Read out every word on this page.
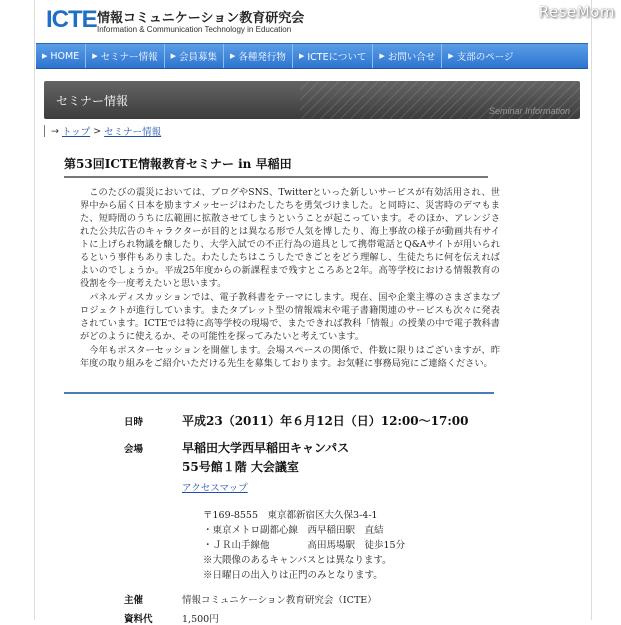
ReseMom
ICTE 情報コミュニケーション教育研究会
Information & Communication Technology in Education
▶ HOME ▶ セミナー情報 ▶ 会員募集 ▶ 各種発行物 ▶ ICTEについて ▶ お問い合せ ▶ 支部のページ
セミナー情報
Seminar Information
→ トップ > セミナー情報
第53回ICTE情報教育セミナー in 早稲田

このたびの震災においては、ブログやSNS、Twitterといった新しいサービスが有効活用され、世界中から届く日本を励ますメッセージはわたしたちを勇気づけました。と同時に、災害時のデマもまた、短時間のうちに広範囲に拡散させてしまうということが起こっています。そのほか、アレンジされた公共広告のキャラクターが目的とは異なる形で人気を博したり、海上事故の様子が動画共有サイトに上げられ物議を醸したり、大学入試での不正行為の道具として携帯電話とQ&Aサイトが用いられるという事件もありました。わたしたちはこうしたできごとをどう理解し、生徒たちに何を伝えればよいのでしょうか。平成25年度からの新課程まで残すところあと2年。高等学校における情報教育の役割を今一度考えたいと思います。

パネルディスカッションでは、電子教科書をテーマにします。現在、国や企業主導のさまざまなプロジェクトが進行しています。またタブレット型の情報端末や電子書籍関連のサービスも次々に発表されています。ICTEでは特に高等学校の現場で、またできれば教科「情報」の授業の中で電子教科書がどのように使えるか、その可能性を探ってみたいと考えています。

今年もポスターセッションを開催します。会場スペースの関係で、件数に限りはございますが、昨年度の取り組みをご紹介いただける先生を募集しております。お気軽に事務局宛にご連絡ください。

日時	平成23（2011）年６月12日（日）12:00～17:00
会場	早稲田大学西早稲田キャンパス
55号館１階 大会議室
アクセスマップ
〒169-8555　東京都新宿区大久保3-4-1
・東京メトロ副都心線　西早稲田駅　直結
・ＪＲ山手線他　　　　高田馬場駅　徒歩15分
※大隈像のあるキャンパスとは異なります。
※日曜日の出入りは正門のみとなります。
主催	情報コミュニケーション教育研究会（ICTE）
資料代	1,500円
